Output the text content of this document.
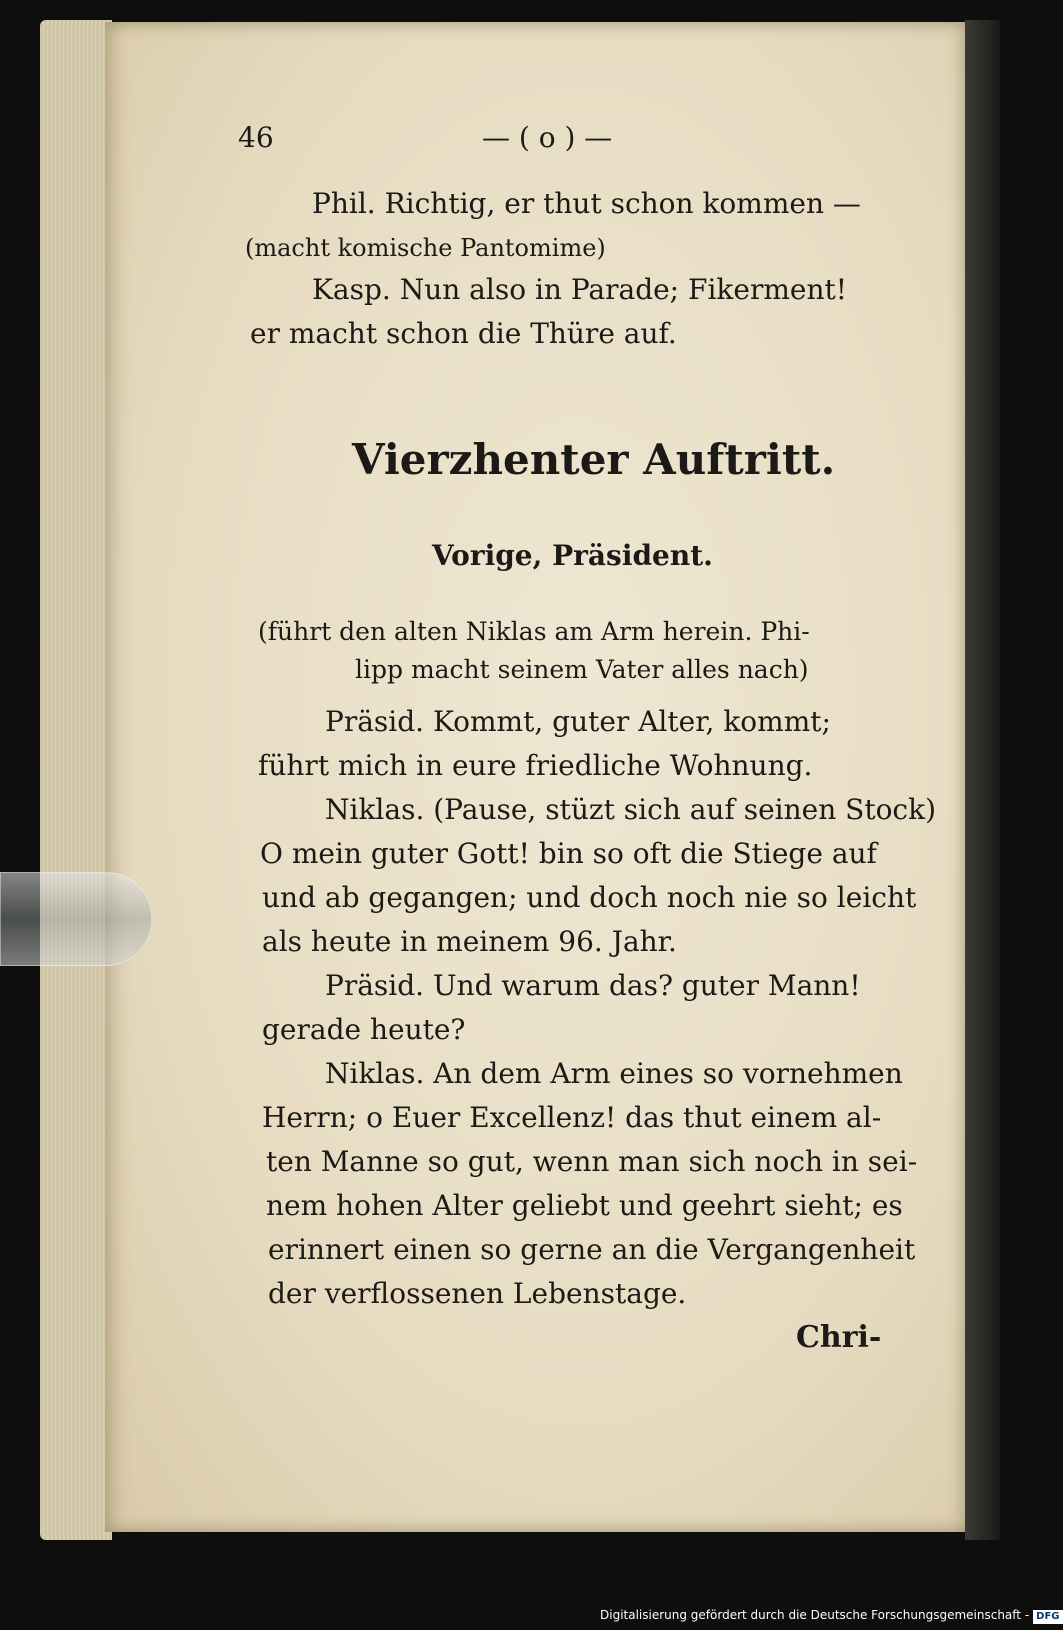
46	— ( o ) —
Phil. Richtig, er thut schon kommen —
(macht komische Pantomime)
Kasp. Nun also in Parade; Fikerment!
er macht schon die Thüre auf.
Vierzhenter Auftritt.
Vorige, Präsident.
(führt den alten Niklas am Arm herein. Phi-
lipp macht seinem Vater alles nach)
Präsid. Kommt, guter Alter, kommt;
führt mich in eure friedliche Wohnung.
Niklas. (Pause, stüzt sich auf seinen Stock)
O mein guter Gott! bin so oft die Stiege auf
und ab gegangen; und doch noch nie so leicht
als heute in meinem 96. Jahr.
Präsid. Und warum das? guter Mann!
gerade heute?
Niklas. An dem Arm eines so vornehmen
Herrn; o Euer Excellenz! das thut einem al-
ten Manne so gut, wenn man sich noch in sei-
nem hohen Alter geliebt und geehrt sieht; es
erinnert einen so gerne an die Vergangenheit
der verflossenen Lebenstage.
Chri-
Digitalisierung gefördert durch die Deutsche Forschungsgemeinschaft - DFG
